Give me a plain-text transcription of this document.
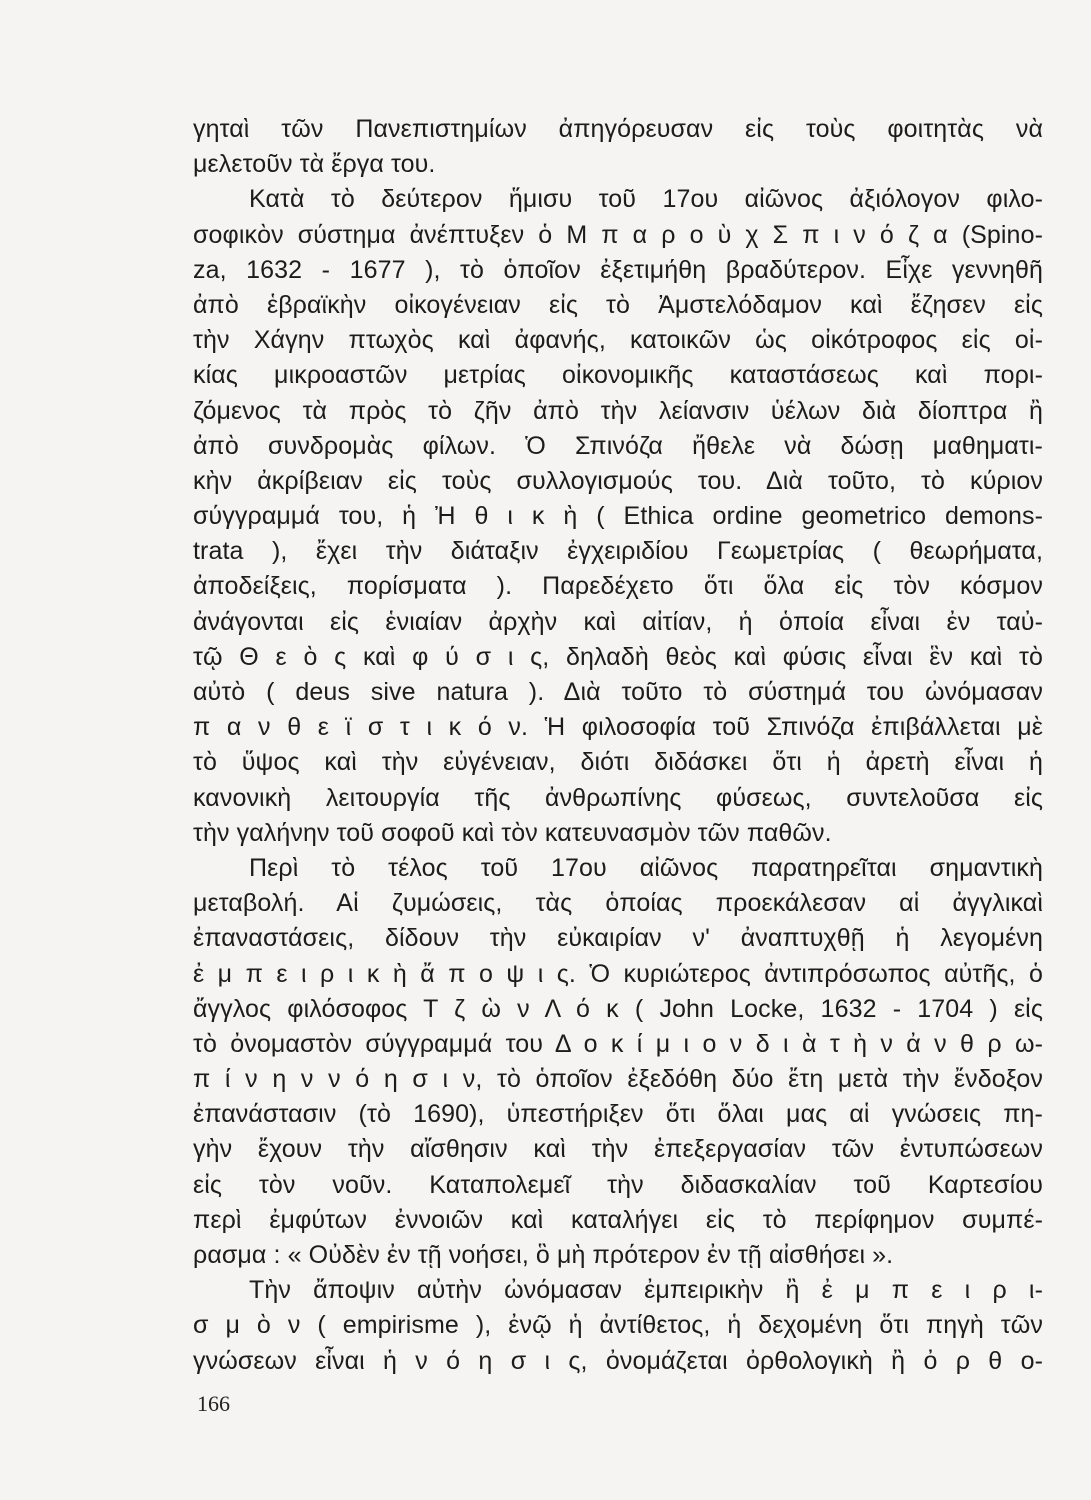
γηταὶ τῶν Πανεπιστημίων ἀπηγόρευσαν εἰς τοὺς φοιτητὰς νὰ
μελετοῦν τὰ ἔργα του.
Κατὰ τὸ δεύτερον ἥμισυ τοῦ 17ου αἰῶνος ἀξιόλογον φιλο-
σοφικὸν σύστημα ἀνέπτυξεν ὁ Μ π α ρ ο ὺ χ Σ π ι ν ό ζ α (Spino-
za, 1632 - 1677 ), τὸ ὁποῖον ἐξετιμήθη βραδύτερον. Εἶχε γεννηθῆ
ἀπὸ ἑβραϊκὴν οἰκογένειαν εἰς τὸ Ἀμστελόδαμον καὶ ἔζησεν εἰς
τὴν Χάγην πτωχὸς καὶ ἀφανής, κατοικῶν ὡς οἰκότροφος εἰς οἰ-
κίας μικροαστῶν μετρίας οἰκονομικῆς καταστάσεως καὶ πορι-
ζόμενος τὰ πρὸς τὸ ζῆν ἀπὸ τὴν λείανσιν ὑέλων διὰ δίοπτρα ἢ
ἀπὸ συνδρομὰς φίλων. Ὁ Σπινόζα ἤθελε νὰ δώσῃ μαθηματι-
κὴν ἀκρίβειαν εἰς τοὺς συλλογισμούς του. Διὰ τοῦτο, τὸ κύριον
σύγγραμμά του, ἡ Ἠ θ ι κ ὴ ( Ethica ordine geometrico demons-
trata ), ἔχει τὴν διάταξιν ἐγχειριδίου Γεωμετρίας ( θεωρήματα,
ἀποδείξεις, πορίσματα ). Παρεδέχετο ὅτι ὅλα εἰς τὸν κόσμον
ἀνάγονται εἰς ἑνιαίαν ἀρχὴν καὶ αἰτίαν, ἡ ὁποία εἶναι ἐν ταὐ-
τῷ Θ ε ὸ ς καὶ φ ύ σ ι ς, δηλαδὴ θεὸς καὶ φύσις εἶναι ἓν καὶ τὸ
αὐτὸ ( deus sive natura ). Διὰ τοῦτο τὸ σύστημά του ὠνόμασαν
π α ν θ ε ϊ σ τ ι κ ό ν. Ἡ φιλοσοφία τοῦ Σπινόζα ἐπιβάλλεται μὲ
τὸ ὕψος καὶ τὴν εὐγένειαν, διότι διδάσκει ὅτι ἡ ἀρετὴ εἶναι ἡ
κανονικὴ λειτουργία τῆς ἀνθρωπίνης φύσεως, συντελοῦσα εἰς
τὴν γαλήνην τοῦ σοφοῦ καὶ τὸν κατευνασμὸν τῶν παθῶν.
Περὶ τὸ τέλος τοῦ 17ου αἰῶνος παρατηρεῖται σημαντικὴ
μεταβολή. Αἱ ζυμώσεις, τὰς ὁποίας προεκάλεσαν αἱ ἀγγλικαὶ
ἐπαναστάσεις, δίδουν τὴν εὐκαιρίαν ν' ἀναπτυχθῇ ἡ λεγομένη
ἐ μ π ε ι ρ ι κ ὴ ἄ π ο ψ ι ς. Ὁ κυριώτερος ἀντιπρόσωπος αὐτῆς, ὁ
ἄγγλος φιλόσοφος Τ ζ ὼ ν Λ ό κ ( John Locke, 1632 - 1704 ) εἰς
τὸ ὀνομαστὸν σύγγραμμά του Δ ο κ ί μ ι ο ν δ ι ὰ τ ὴ ν ἀ ν θ ρ ω-
π ί ν η ν ν ό η σ ι ν, τὸ ὁποῖον ἐξεδόθη δύο ἔτη μετὰ τὴν ἔνδοξον
ἐπανάστασιν (τὸ 1690), ὑπεστήριξεν ὅτι ὅλαι μας αἱ γνώσεις πη-
γὴν ἔχουν τὴν αἴσθησιν καὶ τὴν ἐπεξεργασίαν τῶν ἐντυπώσεων
εἰς τὸν νοῦν. Καταπολεμεῖ τὴν διδασκαλίαν τοῦ Καρτεσίου
περὶ ἐμφύτων ἐννοιῶν καὶ καταλήγει εἰς τὸ περίφημον συμπέ-
ρασμα : « Οὐδὲν ἐν τῇ νοήσει, ὃ μὴ πρότερον ἐν τῇ αἰσθήσει ».
Τὴν ἄποψιν αὐτὴν ὠνόμασαν ἐμπειρικὴν ἢ ἐ μ π ε ι ρ ι-
σ μ ὸ ν ( empirisme ), ἐνῷ ἡ ἀντίθετος, ἡ δεχομένη ὅτι πηγὴ τῶν
γνώσεων εἶναι ἡ ν ό η σ ι ς, ὀνομάζεται ὀρθολογικὴ ἢ ὀ ρ θ ο-
166
